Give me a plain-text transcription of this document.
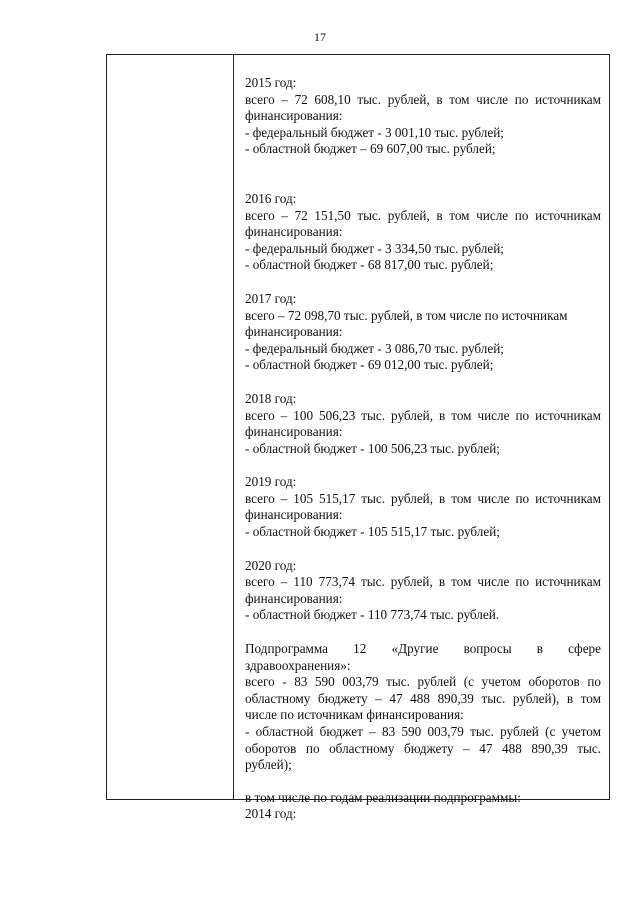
17
2015 год:
всего – 72 608,10 тыс. рублей, в том числе по источникам
финансирования:
- федеральный бюджет - 3 001,10 тыс. рублей;
- областной бюджет – 69 607,00 тыс. рублей;
2016 год:
всего – 72 151,50 тыс. рублей, в том числе по источникам
финансирования:
- федеральный бюджет - 3 334,50 тыс. рублей;
- областной бюджет - 68 817,00 тыс. рублей;
2017 год:
всего – 72 098,70 тыс. рублей, в том числе по источникам
финансирования:
- федеральный бюджет - 3 086,70 тыс. рублей;
- областной бюджет - 69 012,00 тыс. рублей;
2018 год:
всего – 100 506,23 тыс. рублей, в том числе по источникам
финансирования:
- областной бюджет - 100 506,23 тыс. рублей;
2019 год:
всего – 105 515,17 тыс. рублей, в том числе по источникам
финансирования:
- областной бюджет - 105 515,17 тыс. рублей;
2020 год:
всего – 110 773,74 тыс. рублей, в том числе по источникам
финансирования:
- областной бюджет - 110 773,74 тыс. рублей.
Подпрограмма 12 «Другие вопросы в сфере
здравоохранения»:
всего - 83 590 003,79 тыс. рублей (с учетом оборотов по
областному бюджету – 47 488 890,39 тыс. рублей), в том
числе по источникам финансирования:
- областной бюджет – 83 590 003,79 тыс. рублей (с учетом
оборотов по областному бюджету – 47 488 890,39 тыс.
рублей);
в том числе по годам реализации подпрограммы:
2014 год:
